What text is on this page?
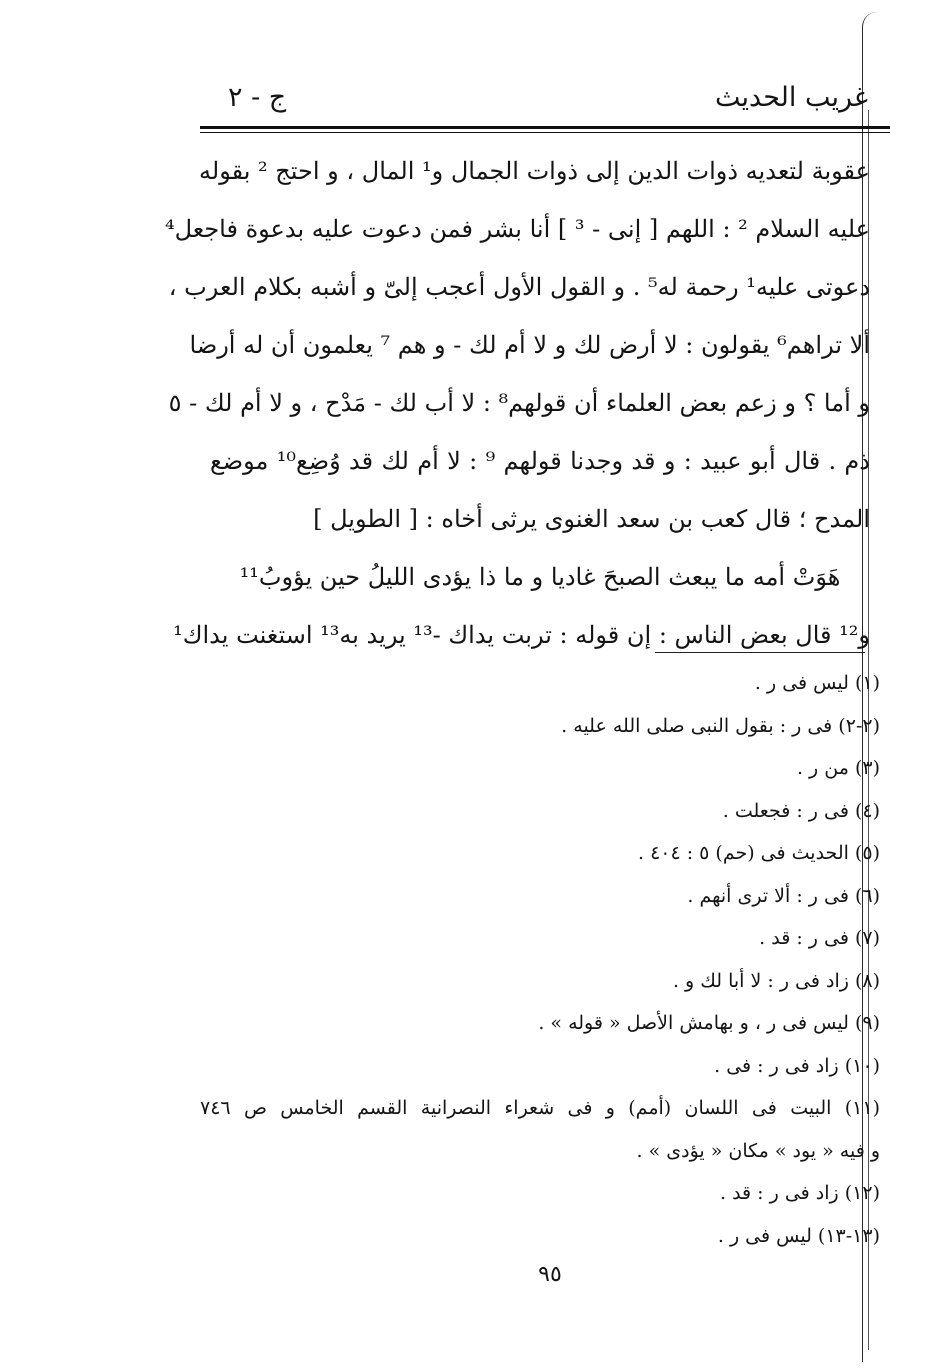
غريب الحديث
ج - ٢
عقوبة لتعديه ذوات الدين إلى ذوات الجمال و¹ المال ، و احتج ² بقوله
عليه السلام ² : اللهم [ إنى - ³ ] أنا بشر فمن دعوت عليه بدعوة فاجعل⁴
دعوتى عليه¹ رحمة له⁵ . و القول الأول أعجب إلىّ و أشبه بكلام العرب ،
ألا تراهم⁶ يقولون : لا أرض لك و لا أم لك - و هم ⁷ يعلمون أن له أرضا
و أما ؟ و زعم بعض العلماء أن قولهم⁸ : لا أب لك - مَدْح ، و لا أم لك - ٥
ذم . قال أبو عبيد : و قد وجدنا قولهم ⁹ : لا أم لك قد وُضِع¹⁰ موضع
المدح ؛ قال كعب بن سعد الغنوى يرثى أخاه : [ الطويل ]
هَوَتْ أمه ما يبعث الصبحَ غاديا و ما ذا يؤدى الليلُ حين يؤوبُ¹¹
و¹² قال بعض الناس : إن قوله : تربت يداك -¹³ يريد به¹³ استغنت يداك¹
(١) ليس فى ر .
(٢-٢) فى ر : بقول النبى صلى الله عليه .
(٣) من ر .
(٤) فى ر : فجعلت .
(٥) الحديث فى (حم) ٥ : ٤٠٤ .
(٦) فى ر : ألا ترى أنهم .
(٧) فى ر : قد .
(٨) زاد فى ر : لا أبا لك و .
(٩) ليس فى ر ، و بهامش الأصل « قوله » .
(١٠) زاد فى ر : فى .
(١١) البيت فى اللسان (أمم) و فى شعراء النصرانية القسم الخامس ص ٧٤٦
و فيه « يود » مكان « يؤدى » .
(١٢) زاد فى ر : قد .
(١٣-١٣) ليس فى ر .
٩٥
